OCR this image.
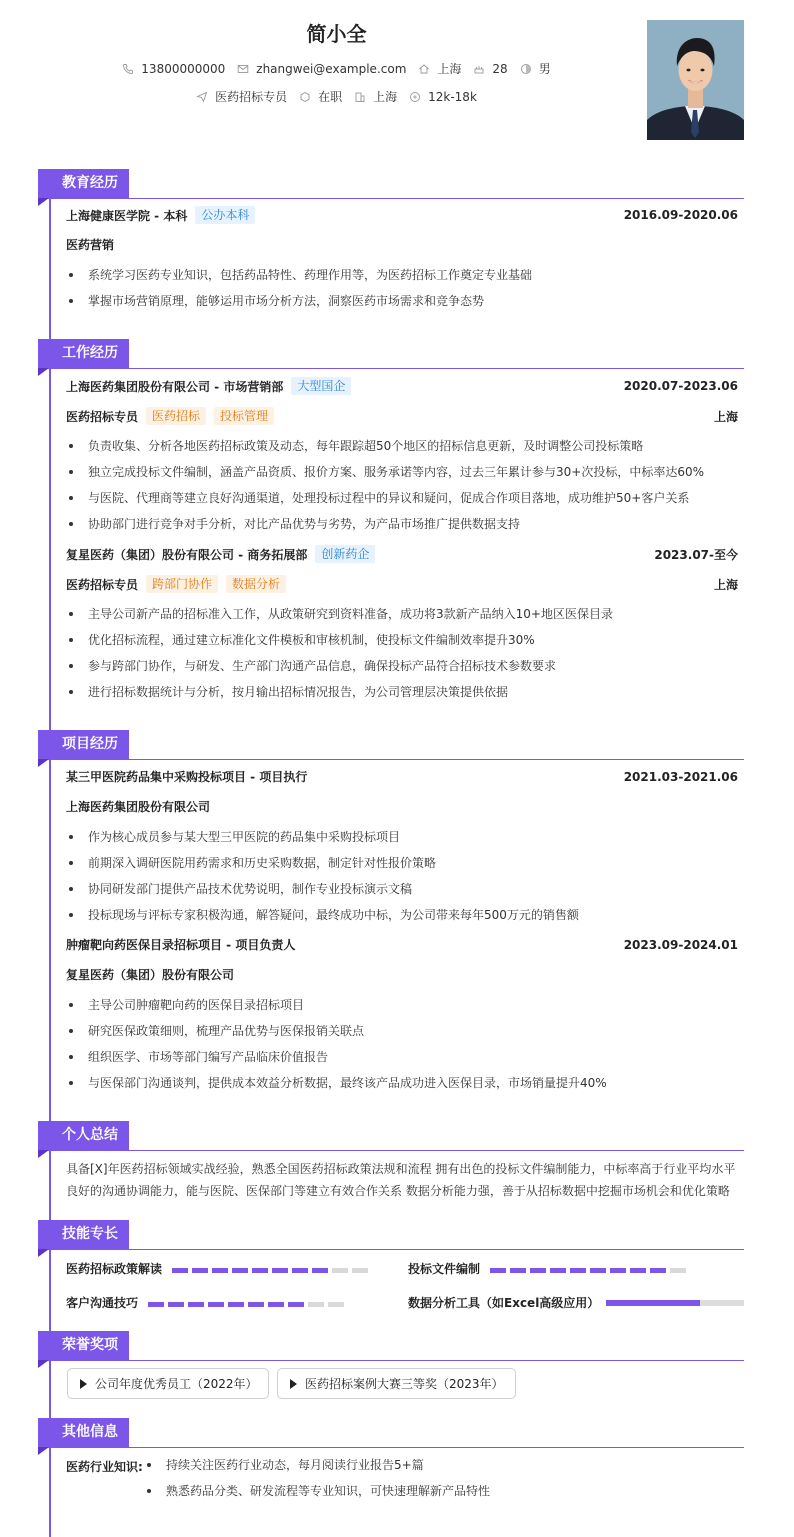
简小全
13800000000	zhangwei@example.com	上海	28	男
医药招标专员	在职	上海	12k-18k
教育经历
上海健康医学院 - 本科	公办本科	2016.09-2020.06
医药营销
系统学习医药专业知识，包括药品特性、药理作用等，为医药招标工作奠定专业基础
掌握市场营销原理，能够运用市场分析方法，洞察医药市场需求和竞争态势
工作经历
上海医药集团股份有限公司 - 市场营销部	大型国企	2020.07-2023.06
医药招标专员	医药招标	投标管理	上海
负责收集、分析各地医药招标政策及动态，每年跟踪超50个地区的招标信息更新，及时调整公司投标策略
独立完成投标文件编制，涵盖产品资质、报价方案、服务承诺等内容，过去三年累计参与30+次投标，中标率达60%
与医院、代理商等建立良好沟通渠道，处理投标过程中的异议和疑问，促成合作项目落地，成功维护50+客户关系
协助部门进行竞争对手分析，对比产品优势与劣势，为产品市场推广提供数据支持
复星医药（集团）股份有限公司 - 商务拓展部	创新药企	2023.07-至今
医药招标专员	跨部门协作	数据分析	上海
主导公司新产品的招标准入工作，从政策研究到资料准备，成功将3款新产品纳入10+地区医保目录
优化招标流程，通过建立标准化文件模板和审核机制，使投标文件编制效率提升30%
参与跨部门协作，与研发、生产部门沟通产品信息，确保投标产品符合招标技术参数要求
进行招标数据统计与分析，按月输出招标情况报告，为公司管理层决策提供依据
项目经历
某三甲医院药品集中采购投标项目 - 项目执行	2021.03-2021.06
上海医药集团股份有限公司
作为核心成员参与某大型三甲医院的药品集中采购投标项目
前期深入调研医院用药需求和历史采购数据，制定针对性报价策略
协同研发部门提供产品技术优势说明，制作专业投标演示文稿
投标现场与评标专家积极沟通，解答疑问，最终成功中标，为公司带来每年500万元的销售额
肿瘤靶向药医保目录招标项目 - 项目负责人	2023.09-2024.01
复星医药（集团）股份有限公司
主导公司肿瘤靶向药的医保目录招标项目
研究医保政策细则，梳理产品优势与医保报销关联点
组织医学、市场等部门编写产品临床价值报告
与医保部门沟通谈判，提供成本效益分析数据，最终该产品成功进入医保目录，市场销量提升40%
个人总结
具备[X]年医药招标领域实战经验，熟悉全国医药招标政策法规和流程 拥有出色的投标文件编制能力，中标率高于行业平均水平
良好的沟通协调能力，能与医院、医保部门等建立有效合作关系 数据分析能力强，善于从招标数据中挖掘市场机会和优化策略
技能专长
医药招标政策解读	投标文件编制
客户沟通技巧	数据分析工具（如Excel高级应用）
荣誉奖项
公司年度优秀员工（2022年）	医药招标案例大赛三等奖（2023年）
其他信息
医药行业知识:	持续关注医药行业动态，每月阅读行业报告5+篇
熟悉药品分类、研发流程等专业知识，可快速理解新产品特性
